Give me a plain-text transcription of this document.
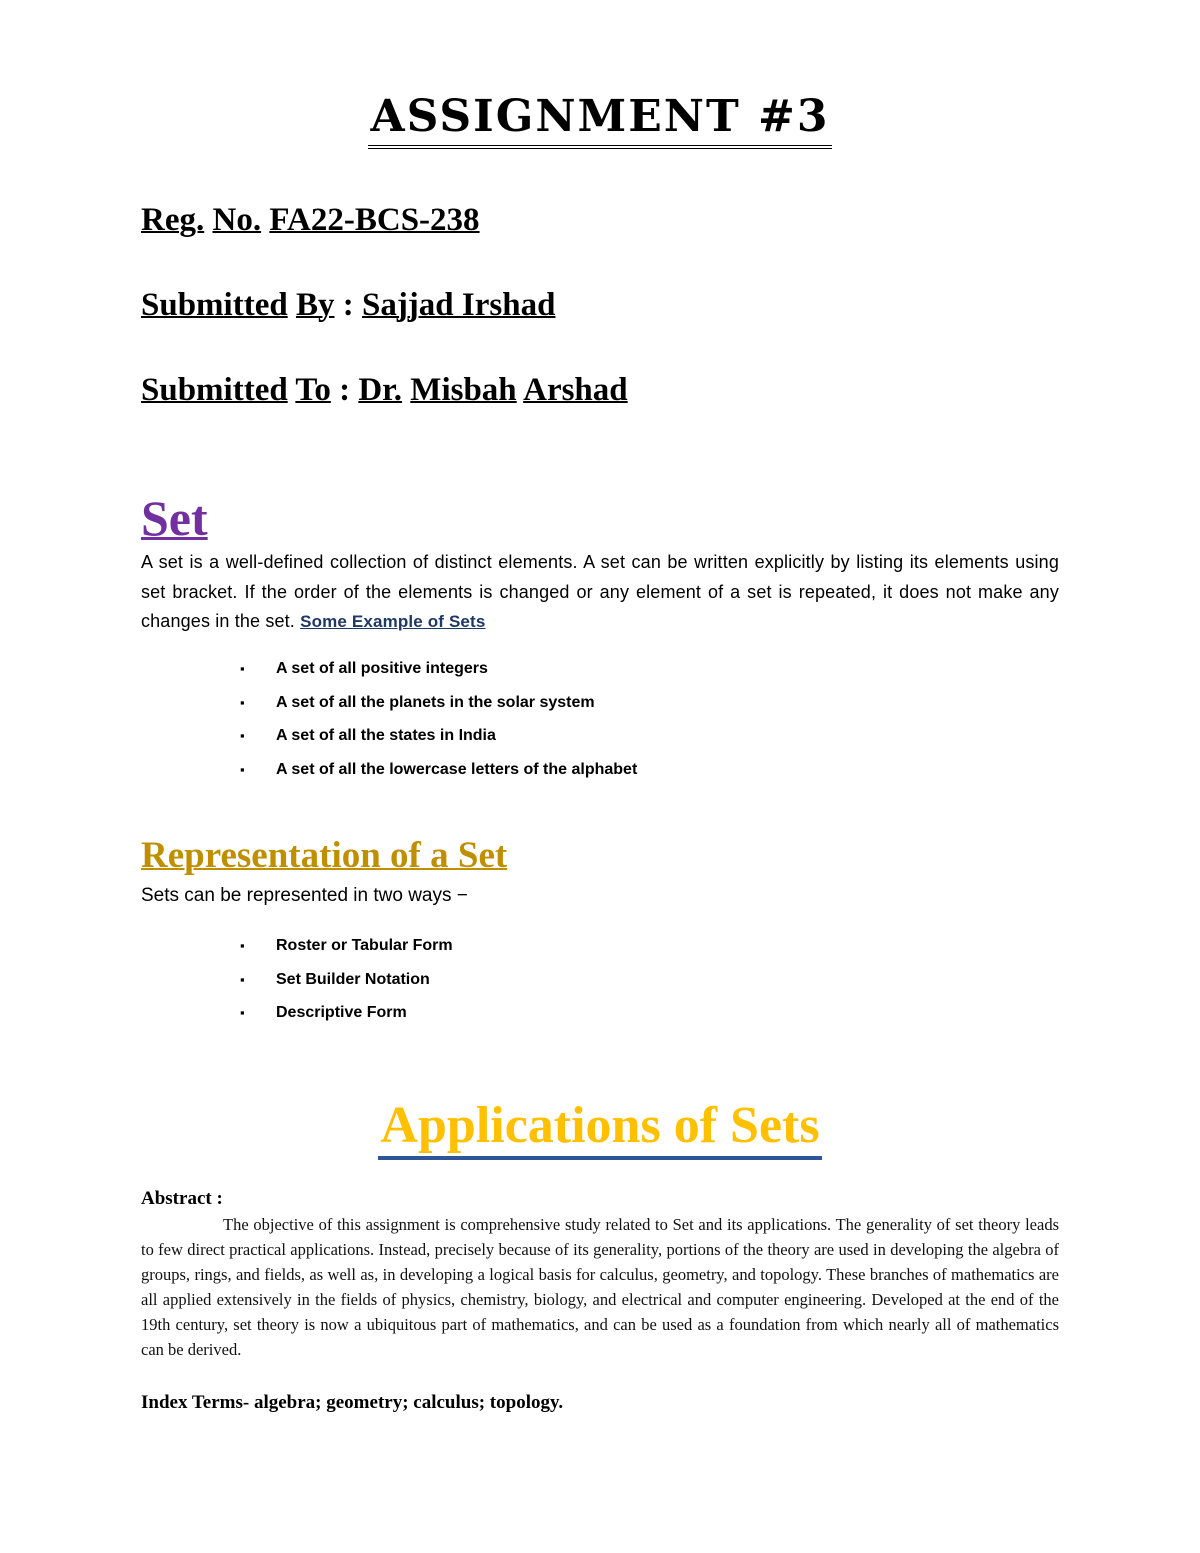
ASSIGNMENT #3
Reg. No. FA22-BCS-238
Submitted By : Sajjad Irshad
Submitted To : Dr. Misbah Arshad
Set
A set is a well-defined collection of distinct elements. A set can be written explicitly by listing its elements using set bracket. If the order of the elements is changed or any element of a set is repeated, it does not make any changes in the set. Some Example of Sets
▪ A set of all positive integers
▪ A set of all the planets in the solar system
▪ A set of all the states in India
▪ A set of all the lowercase letters of the alphabet
Representation of a Set
Sets can be represented in two ways −
▪ Roster or Tabular Form
▪ Set Builder Notation
▪ Descriptive Form
Applications of Sets
Abstract :
The objective of this assignment is comprehensive study related to Set and its applications. The generality of set theory leads to few direct practical applications. Instead, precisely because of its generality, portions of the theory are used in developing the algebra of groups, rings, and fields, as well as, in developing a logical basis for calculus, geometry, and topology. These branches of mathematics are all applied extensively in the fields of physics, chemistry, biology, and electrical and computer engineering. Developed at the end of the 19th century, set theory is now a ubiquitous part of mathematics, and can be used as a foundation from which nearly all of mathematics can be derived.
Index Terms- algebra; geometry; calculus; topology.
